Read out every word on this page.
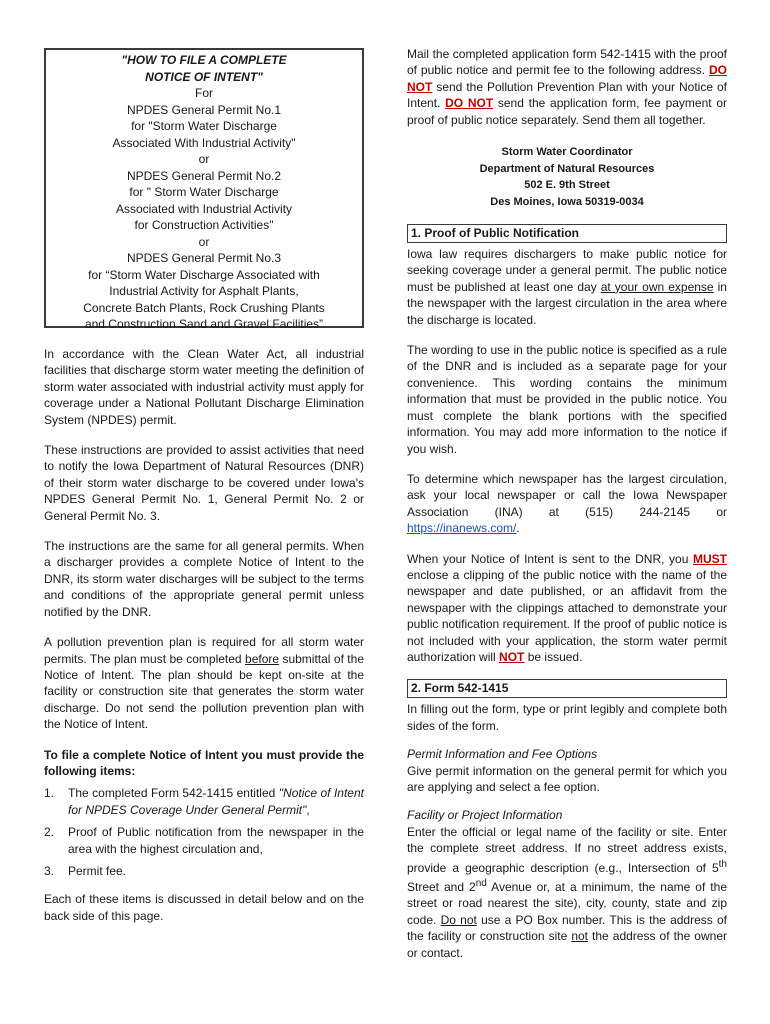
"HOW TO FILE A COMPLETE
NOTICE OF INTENT"
For
NPDES General Permit No.1
for "Storm Water Discharge
Associated With Industrial Activity"
or
NPDES General Permit No.2
for " Storm Water Discharge
Associated with Industrial Activity
for Construction Activities"
or
NPDES General Permit No.3
for “Storm Water Discharge Associated with
Industrial Activity for Asphalt Plants,
Concrete Batch Plants, Rock Crushing Plants
and Construction Sand and Gravel Facilities”

In accordance with the Clean Water Act, all industrial facilities that discharge storm water meeting the definition of storm water associated with industrial activity must apply for coverage under a National Pollutant Discharge Elimination System (NPDES) permit.

These instructions are provided to assist activities that need to notify the Iowa Department of Natural Resources (DNR) of their storm water discharge to be covered under Iowa's NPDES General Permit No. 1, General Permit No. 2 or General Permit No. 3.

The instructions are the same for all general permits. When a discharger provides a complete Notice of Intent to the DNR, its storm water discharges will be subject to the terms and conditions of the appropriate general permit unless notified by the DNR.

A pollution prevention plan is required for all storm water permits. The plan must be completed before submittal of the Notice of Intent. The plan should be kept on-site at the facility or construction site that generates the storm water discharge. Do not send the pollution prevention plan with the Notice of Intent.

To file a complete Notice of Intent you must provide the following items:

1.	The completed Form 542-1415 entitled "Notice of Intent for NPDES Coverage Under General Permit",
2.	Proof of Public notification from the newspaper in the area with the highest circulation and,
3.	Permit fee.

Each of these items is discussed in detail below and on the back side of this page.

Mail the completed application form 542-1415 with the proof of public notice and permit fee to the following address. DO NOT send the Pollution Prevention Plan with your Notice of Intent. DO NOT send the application form, fee payment or proof of public notice separately. Send them all together.

Storm Water Coordinator
Department of Natural Resources
502 E. 9th Street
Des Moines, Iowa 50319-0034
1. Proof of Public Notification

Iowa law requires dischargers to make public notice for seeking coverage under a general permit. The public notice must be published at least one day at your own expense in the newspaper with the largest circulation in the area where the discharge is located.

The wording to use in the public notice is specified as a rule of the DNR and is included as a separate page for your convenience. This wording contains the minimum information that must be provided in the public notice. You must complete the blank portions with the specified information. You may add more information to the notice if you wish.

To determine which newspaper has the largest circulation, ask your local newspaper or call the Iowa Newspaper Association (INA) at (515) 244-2145 or https://inanews.com/.

When your Notice of Intent is sent to the DNR, you MUST enclose a clipping of the public notice with the name of the newspaper and date published, or an affidavit from the newspaper with the clippings attached to demonstrate your public notification requirement. If the proof of public notice is not included with your application, the storm water permit authorization will NOT be issued.

2. Form 542-1415

In filling out the form, type or print legibly and complete both sides of the form.

Permit Information and Fee Options

Give permit information on the general permit for which you are applying and select a fee option.

Facility or Project Information

Enter the official or legal name of the facility or site. Enter the complete street address. If no street address exists, provide a geographic description (e.g., Intersection of 5th Street and 2nd Avenue or, at a minimum, the name of the street or road nearest the site), city, county, state and zip code. Do not use a PO Box number. This is the address of the facility or construction site not the address of the owner or contact.
